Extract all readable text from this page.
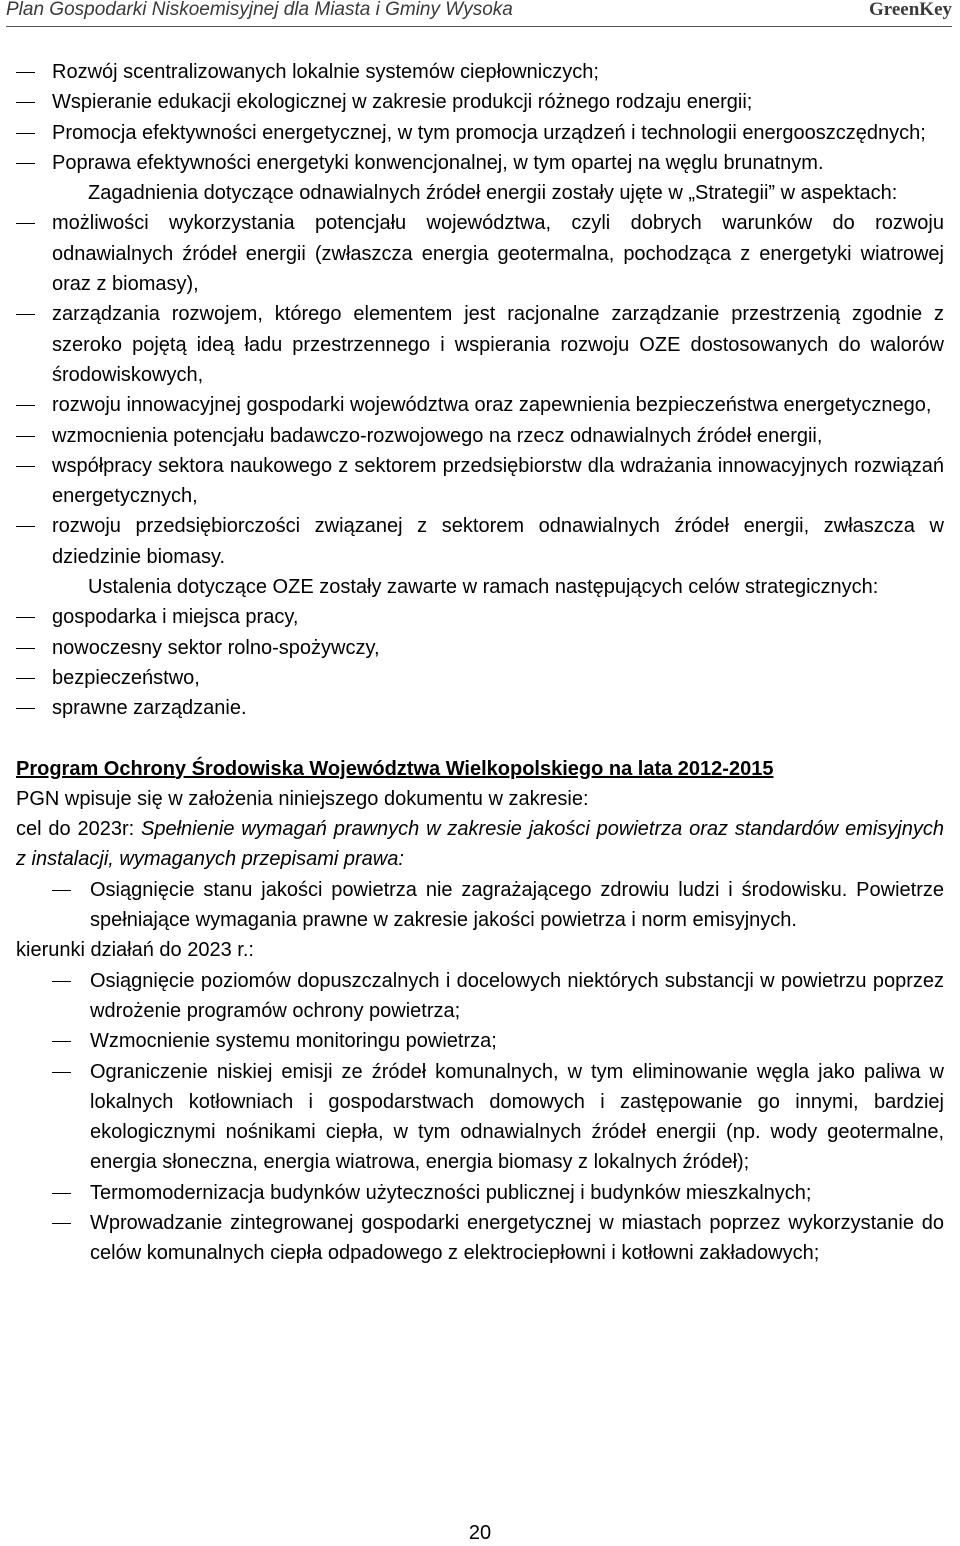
Plan Gospodarki Niskoemisyjnej dla Miasta i Gminy Wysoka	GreenKey
Rozwój scentralizowanych lokalnie systemów ciepłowniczych;
Wspieranie edukacji ekologicznej w zakresie produkcji różnego rodzaju energii;
Promocja efektywności energetycznej, w tym promocja urządzeń i technologii energooszczędnych;
Poprawa efektywności energetyki konwencjonalnej, w tym opartej na węglu brunatnym.

Zagadnienia dotyczące odnawialnych źródeł energii zostały ujęte w „Strategii” w aspektach:

możliwości wykorzystania potencjału województwa, czyli dobrych warunków do rozwoju odnawialnych źródeł energii (zwłaszcza energia geotermalna, pochodząca z energetyki wiatrowej oraz z biomasy),
zarządzania rozwojem, którego elementem jest racjonalne zarządzanie przestrzenią zgodnie z szeroko pojętą ideą ładu przestrzennego i wspierania rozwoju OZE dostosowanych do walorów środowiskowych,
rozwoju innowacyjnej gospodarki województwa oraz zapewnienia bezpieczeństwa energetycznego,
wzmocnienia potencjału badawczo-rozwojowego na rzecz odnawialnych źródeł energii,
współpracy sektora naukowego z sektorem przedsiębiorstw dla wdrażania innowacyjnych rozwiązań energetycznych,
rozwoju przedsiębiorczości związanej z sektorem odnawialnych źródeł energii, zwłaszcza w dziedzinie biomasy.

Ustalenia dotyczące OZE zostały zawarte w ramach następujących celów strategicznych:

gospodarka i miejsca pracy,
nowoczesny sektor rolno-spożywczy,
bezpieczeństwo,
sprawne zarządzanie.

Program Ochrony Środowiska Województwa Wielkopolskiego na lata 2012-2015

PGN wpisuje się w założenia niniejszego dokumentu w zakresie:

cel do 2023r: Spełnienie wymagań prawnych w zakresie jakości powietrza oraz standardów emisyjnych z instalacji, wymaganych przepisami prawa:

Osiągnięcie stanu jakości powietrza nie zagrażającego zdrowiu ludzi i środowisku. Powietrze spełniające wymagania prawne w zakresie jakości powietrza i norm emisyjnych.

kierunki działań do 2023 r.:

Osiągnięcie poziomów dopuszczalnych i docelowych niektórych substancji w powietrzu poprzez wdrożenie programów ochrony powietrza;
Wzmocnienie systemu monitoringu powietrza;
Ograniczenie niskiej emisji ze źródeł komunalnych, w tym eliminowanie węgla jako paliwa w lokalnych kotłowniach i gospodarstwach domowych i zastępowanie go innymi, bardziej ekologicznymi nośnikami ciepła, w tym odnawialnych źródeł energii (np. wody geotermalne, energia słoneczna, energia wiatrowa, energia biomasy z lokalnych źródeł);
Termomodernizacja budynków użyteczności publicznej i budynków mieszkalnych;
Wprowadzanie zintegrowanej gospodarki energetycznej w miastach poprzez wykorzystanie do celów komunalnych ciepła odpadowego z elektrociepłowni i kotłowni zakładowych;
20
